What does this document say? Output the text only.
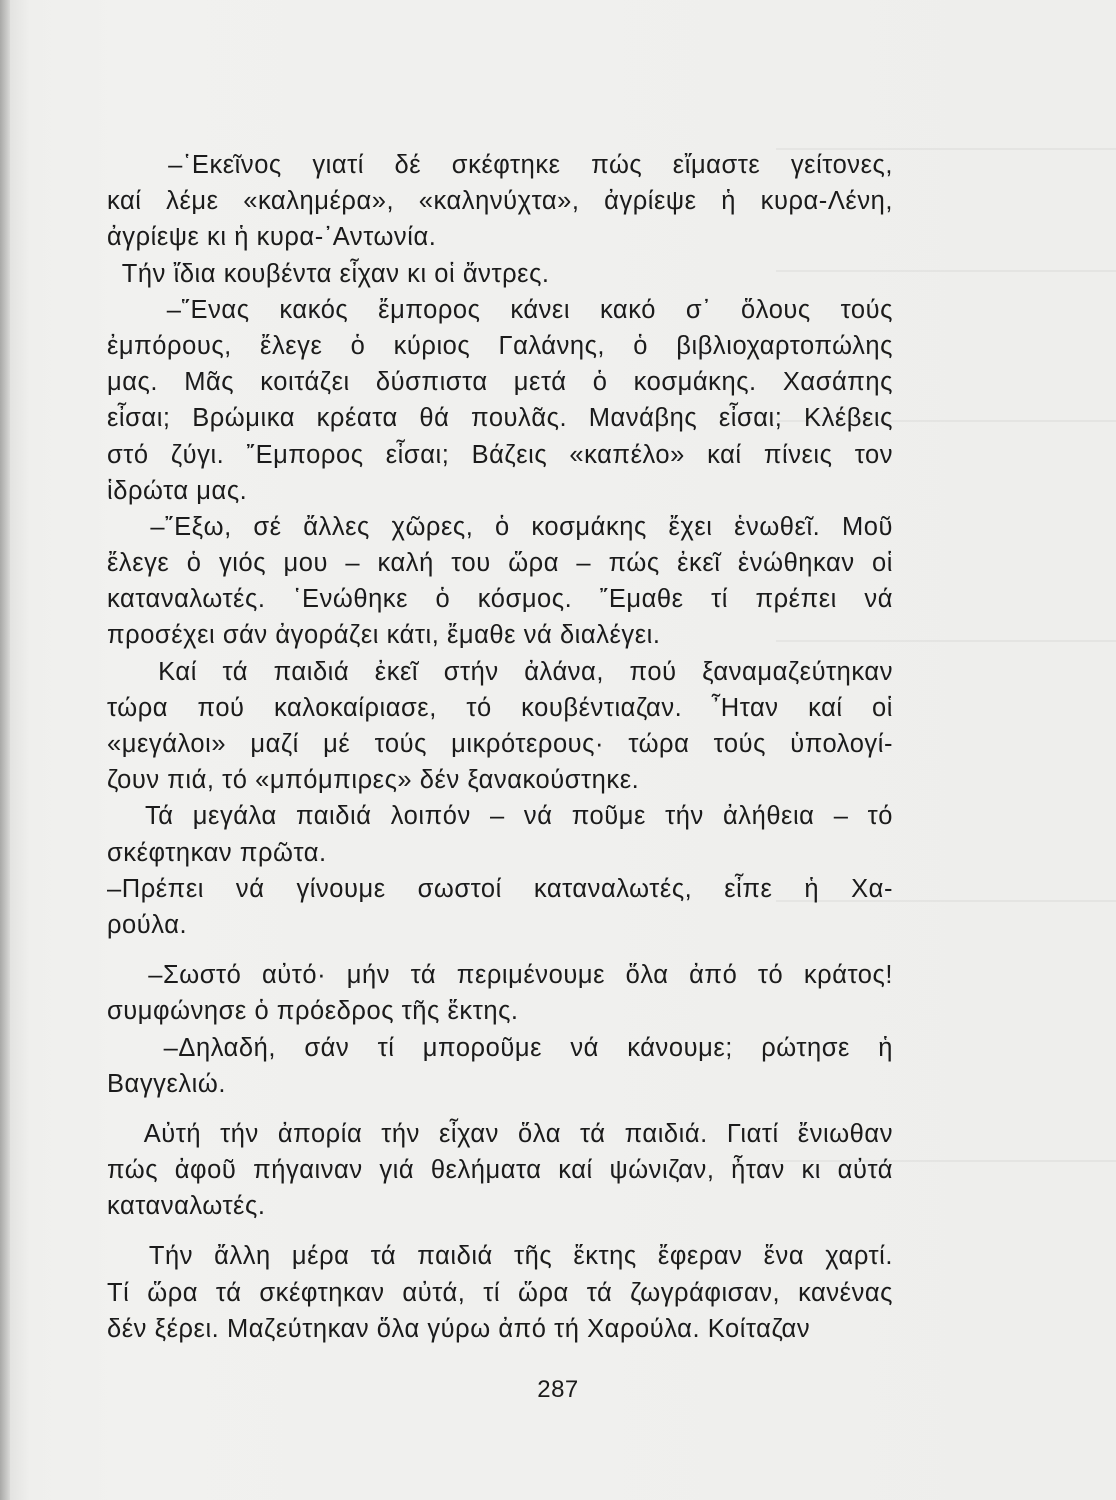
–῾Εκεῖνος γιατί δέ σκέφτηκε πώς εἴμαστε γείτονες,
καί λέμε «καλημέρα», «καληνύχτα», ἀγρίεψε ἡ κυρα-Λένη,
ἀγρίεψε κι ἡ κυρα-᾿Αντωνία.
Τήν ἴδια κουβέντα εἶχαν κι οἱ ἄντρες.
–῞Ενας κακός ἔμπορος κάνει κακό σ᾿ ὅλους τούς
ἐμπόρους, ἔλεγε ὁ κύριος Γαλάνης, ὁ βιβλιοχαρτοπώλης
μας. Μᾶς κοιτάζει δύσπιστα μετά ὁ κοσμάκης. Χασάπης
εἶσαι; Βρώμικα κρέατα θά πουλᾶς. Μανάβης εἶσαι; Κλέβεις
στό ζύγι. ῎Εμπορος εἶσαι; Βάζεις «καπέλο» καί πίνεις τον
ἱδρώτα μας.
–῎Εξω, σέ ἄλλες χῶρες, ὁ κοσμάκης ἔχει ἑνωθεῖ. Μοῦ
ἔλεγε ὁ γιός μου – καλή του ὥρα – πώς ἐκεῖ ἑνώθηκαν οἱ
καταναλωτές. ῾Ενώθηκε ὁ κόσμος. ῎Εμαθε τί πρέπει νά
προσέχει σάν ἀγοράζει κάτι, ἔμαθε νά διαλέγει.
Καί τά παιδιά ἐκεῖ στήν ἀλάνα, πού ξαναμαζεύτηκαν
τώρα πού καλοκαίριασε, τό κουβέντιαζαν. ῏Ηταν καί οἱ
«μεγάλοι» μαζί μέ τούς μικρότερους· τώρα τούς ὑπολογί-
ζουν πιά, τό «μπόμπιρες» δέν ξανακούστηκε.
Τά μεγάλα παιδιά λοιπόν – νά ποῦμε τήν ἀλήθεια – τό
σκέφτηκαν πρῶτα.
–Πρέπει νά γίνουμε σωστοί καταναλωτές, εἶπε ἡ Χα-
ρούλα.
–Σωστό αὐτό· μήν τά περιμένουμε ὅλα ἀπό τό κράτος!
συμφώνησε ὁ πρόεδρος τῆς ἕκτης.
–Δηλαδή, σάν τί μποροῦμε νά κάνουμε; ρώτησε ἡ
Βαγγελιώ.
Αὐτή τήν ἀπορία τήν εἶχαν ὅλα τά παιδιά. Γιατί ἔνιωθαν
πώς ἀφοῦ πήγαιναν γιά θελήματα καί ψώνιζαν, ἦταν κι αὐτά
καταναλωτές.
Τήν ἄλλη μέρα τά παιδιά τῆς ἕκτης ἔφεραν ἕνα χαρτί.
Τί ὥρα τά σκέφτηκαν αὐτά, τί ὥρα τά ζωγράφισαν, κανένας
δέν ξέρει. Μαζεύτηκαν ὅλα γύρω ἀπό τή Χαρούλα. Κοίταζαν
287
